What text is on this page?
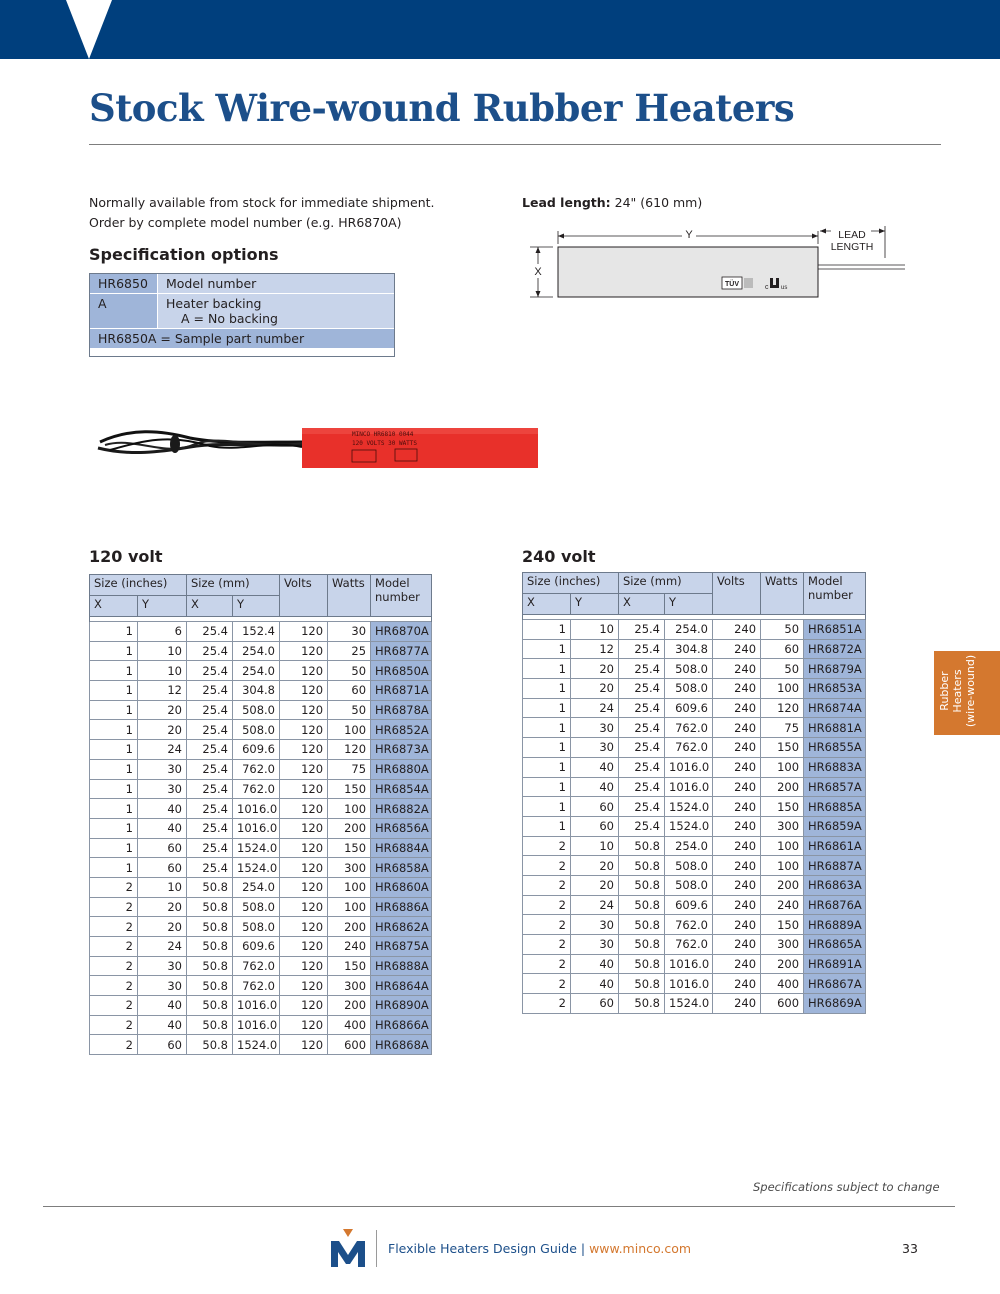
Stock Wire-wound Rubber Heaters
Normally available from stock for immediate shipment.
Order by complete model number (e.g. HR6870A)
Specification options
HR6850	Model number
A	Heater backing
A = No backing

HR6850A = Sample part number	
Lead length: 24" (610 mm)
Y	LEAD
LENGTH
X
TÜV	c us
MINCO HR6810 0044
120 VOLTS 30 WATTS
120 volt
Size (inches)		Size (mm)		Volts	Watts	Model
number
X	Y	X	Y			

1	6	25.4	152.4	120	30	HR6870A
1	10	25.4	254.0	120	25	HR6877A
1	10	25.4	254.0	120	50	HR6850A
1	12	25.4	304.8	120	60	HR6871A
1	20	25.4	508.0	120	50	HR6878A
1	20	25.4	508.0	120	100	HR6852A
1	24	25.4	609.6	120	120	HR6873A
1	30	25.4	762.0	120	75	HR6880A
1	30	25.4	762.0	120	150	HR6854A
1	40	25.4	1016.0	120	100	HR6882A
1	40	25.4	1016.0	120	200	HR6856A
1	60	25.4	1524.0	120	150	HR6884A
1	60	25.4	1524.0	120	300	HR6858A
2	10	50.8	254.0	120	100	HR6860A
2	20	50.8	508.0	120	100	HR6886A
2	20	50.8	508.0	120	200	HR6862A
2	24	50.8	609.6	120	240	HR6875A
2	30	50.8	762.0	120	150	HR6888A
2	30	50.8	762.0	120	300	HR6864A
2	40	50.8	1016.0	120	200	HR6890A
2	40	50.8	1016.0	120	400	HR6866A
2	60	50.8	1524.0	120	600	HR6868A
240 volt
Size (inches)		Size (mm)		Volts	Watts	Model
number
X	Y	X	Y			

1	10	25.4	254.0	240	50	HR6851A
1	12	25.4	304.8	240	60	HR6872A
1	20	25.4	508.0	240	50	HR6879A
1	20	25.4	508.0	240	100	HR6853A
1	24	25.4	609.6	240	120	HR6874A
1	30	25.4	762.0	240	75	HR6881A
1	30	25.4	762.0	240	150	HR6855A
1	40	25.4	1016.0	240	100	HR6883A
1	40	25.4	1016.0	240	200	HR6857A
1	60	25.4	1524.0	240	150	HR6885A
1	60	25.4	1524.0	240	300	HR6859A
2	10	50.8	254.0	240	100	HR6861A
2	20	50.8	508.0	240	100	HR6887A
2	20	50.8	508.0	240	200	HR6863A
2	24	50.8	609.6	240	240	HR6876A
2	30	50.8	762.0	240	150	HR6889A
2	30	50.8	762.0	240	300	HR6865A
2	40	50.8	1016.0	240	200	HR6891A
2	40	50.8	1016.0	240	400	HR6867A
2	60	50.8	1524.0	240	600	HR6869A
Rubber Heaters (wire-wound)
Specifications subject to change
Flexible Heaters Design Guide | www.minco.com	33
